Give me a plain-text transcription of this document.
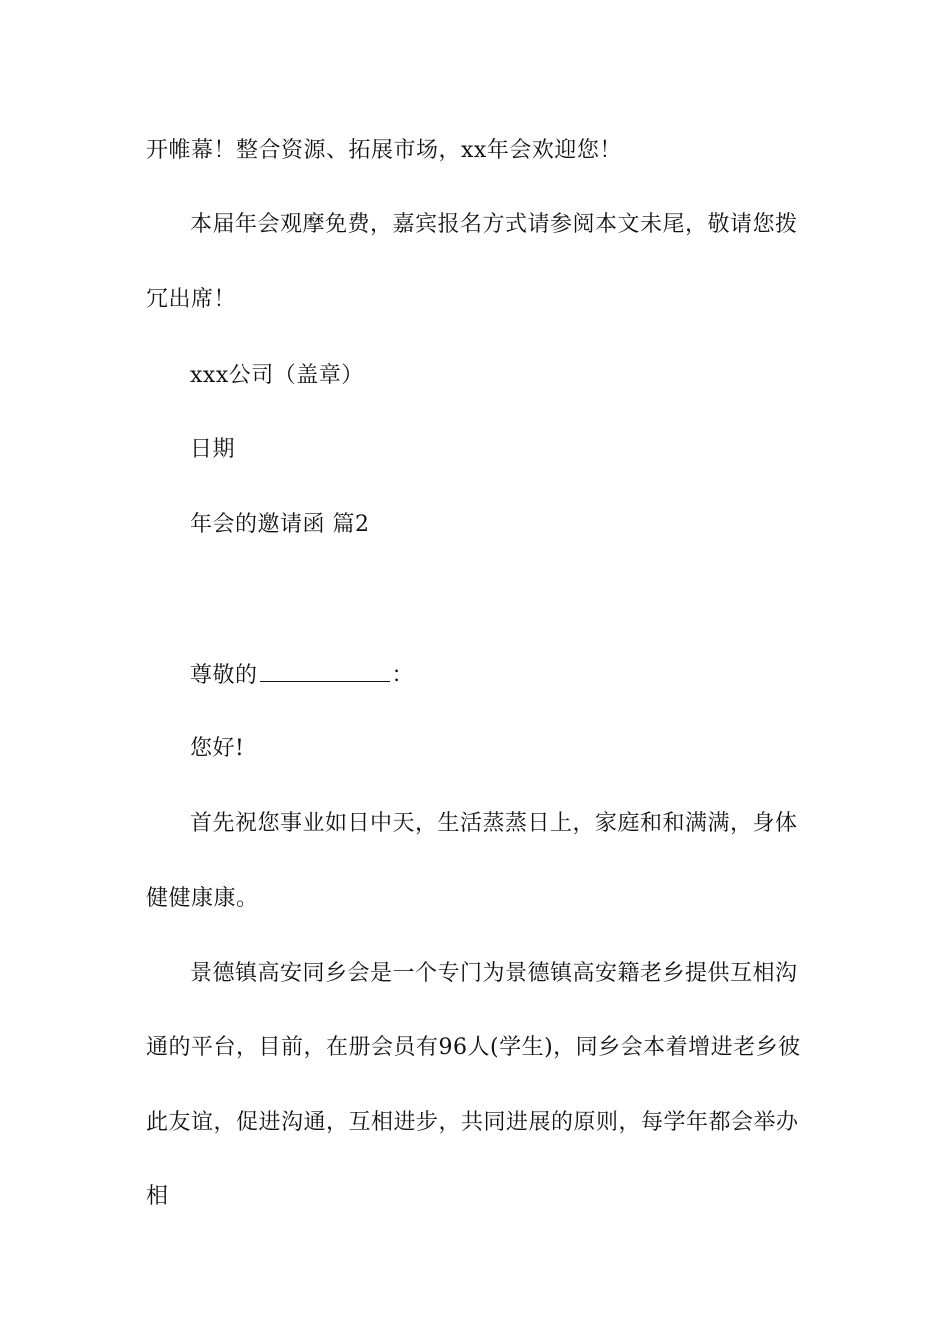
开帷幕！整合资源、拓展市场，xx年会欢迎您！
本届年会观摩免费，嘉宾报名方式请参阅本文未尾，敬请您拨
冗出席！
xxx公司（盖章）
日期
年会的邀请函 篇2
尊敬的	：
您好!
首先祝您事业如日中天，生活蒸蒸日上，家庭和和满满，身体
健健康康。
景德镇高安同乡会是一个专门为景德镇高安籍老乡提供互相沟
通的平台，目前，在册会员有96人(学生)，同乡会本着增进老乡彼
此友谊，促进沟通，互相进步，共同进展的原则，每学年都会举办
相
